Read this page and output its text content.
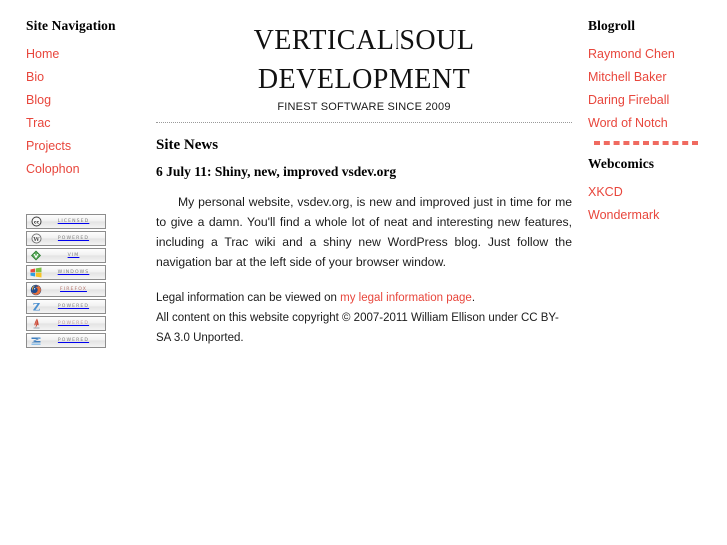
Site Navigation
Home
Bio
Blog
Trac
Projects
Colophon
cc	LICENSED
W	POWERED
VIM
WINDOWS
FIREFOX
Z	POWERED
POWERED
POWERED
VERTICALISOUL
DEVELOPMENT
FINEST SOFTWARE SINCE 2009
Site News
6 July 11: Shiny, new, improved vsdev.org

My personal website, vsdev.org, is new and improved just in time for me to give a damn. You'll find a whole lot of neat and interesting new features, including a Trac wiki and a shiny new WordPress blog. Just follow the navigation bar at the left side of your browser window.

Legal information can be viewed on my legal information page.

All content on this website copyright © 2007-2011 William Ellison under CC BY-SA 3.0 Unported.

Blogroll
Raymond Chen
Mitchell Baker
Daring Fireball
Word of Notch
Webcomics
XKCD
Wondermark
